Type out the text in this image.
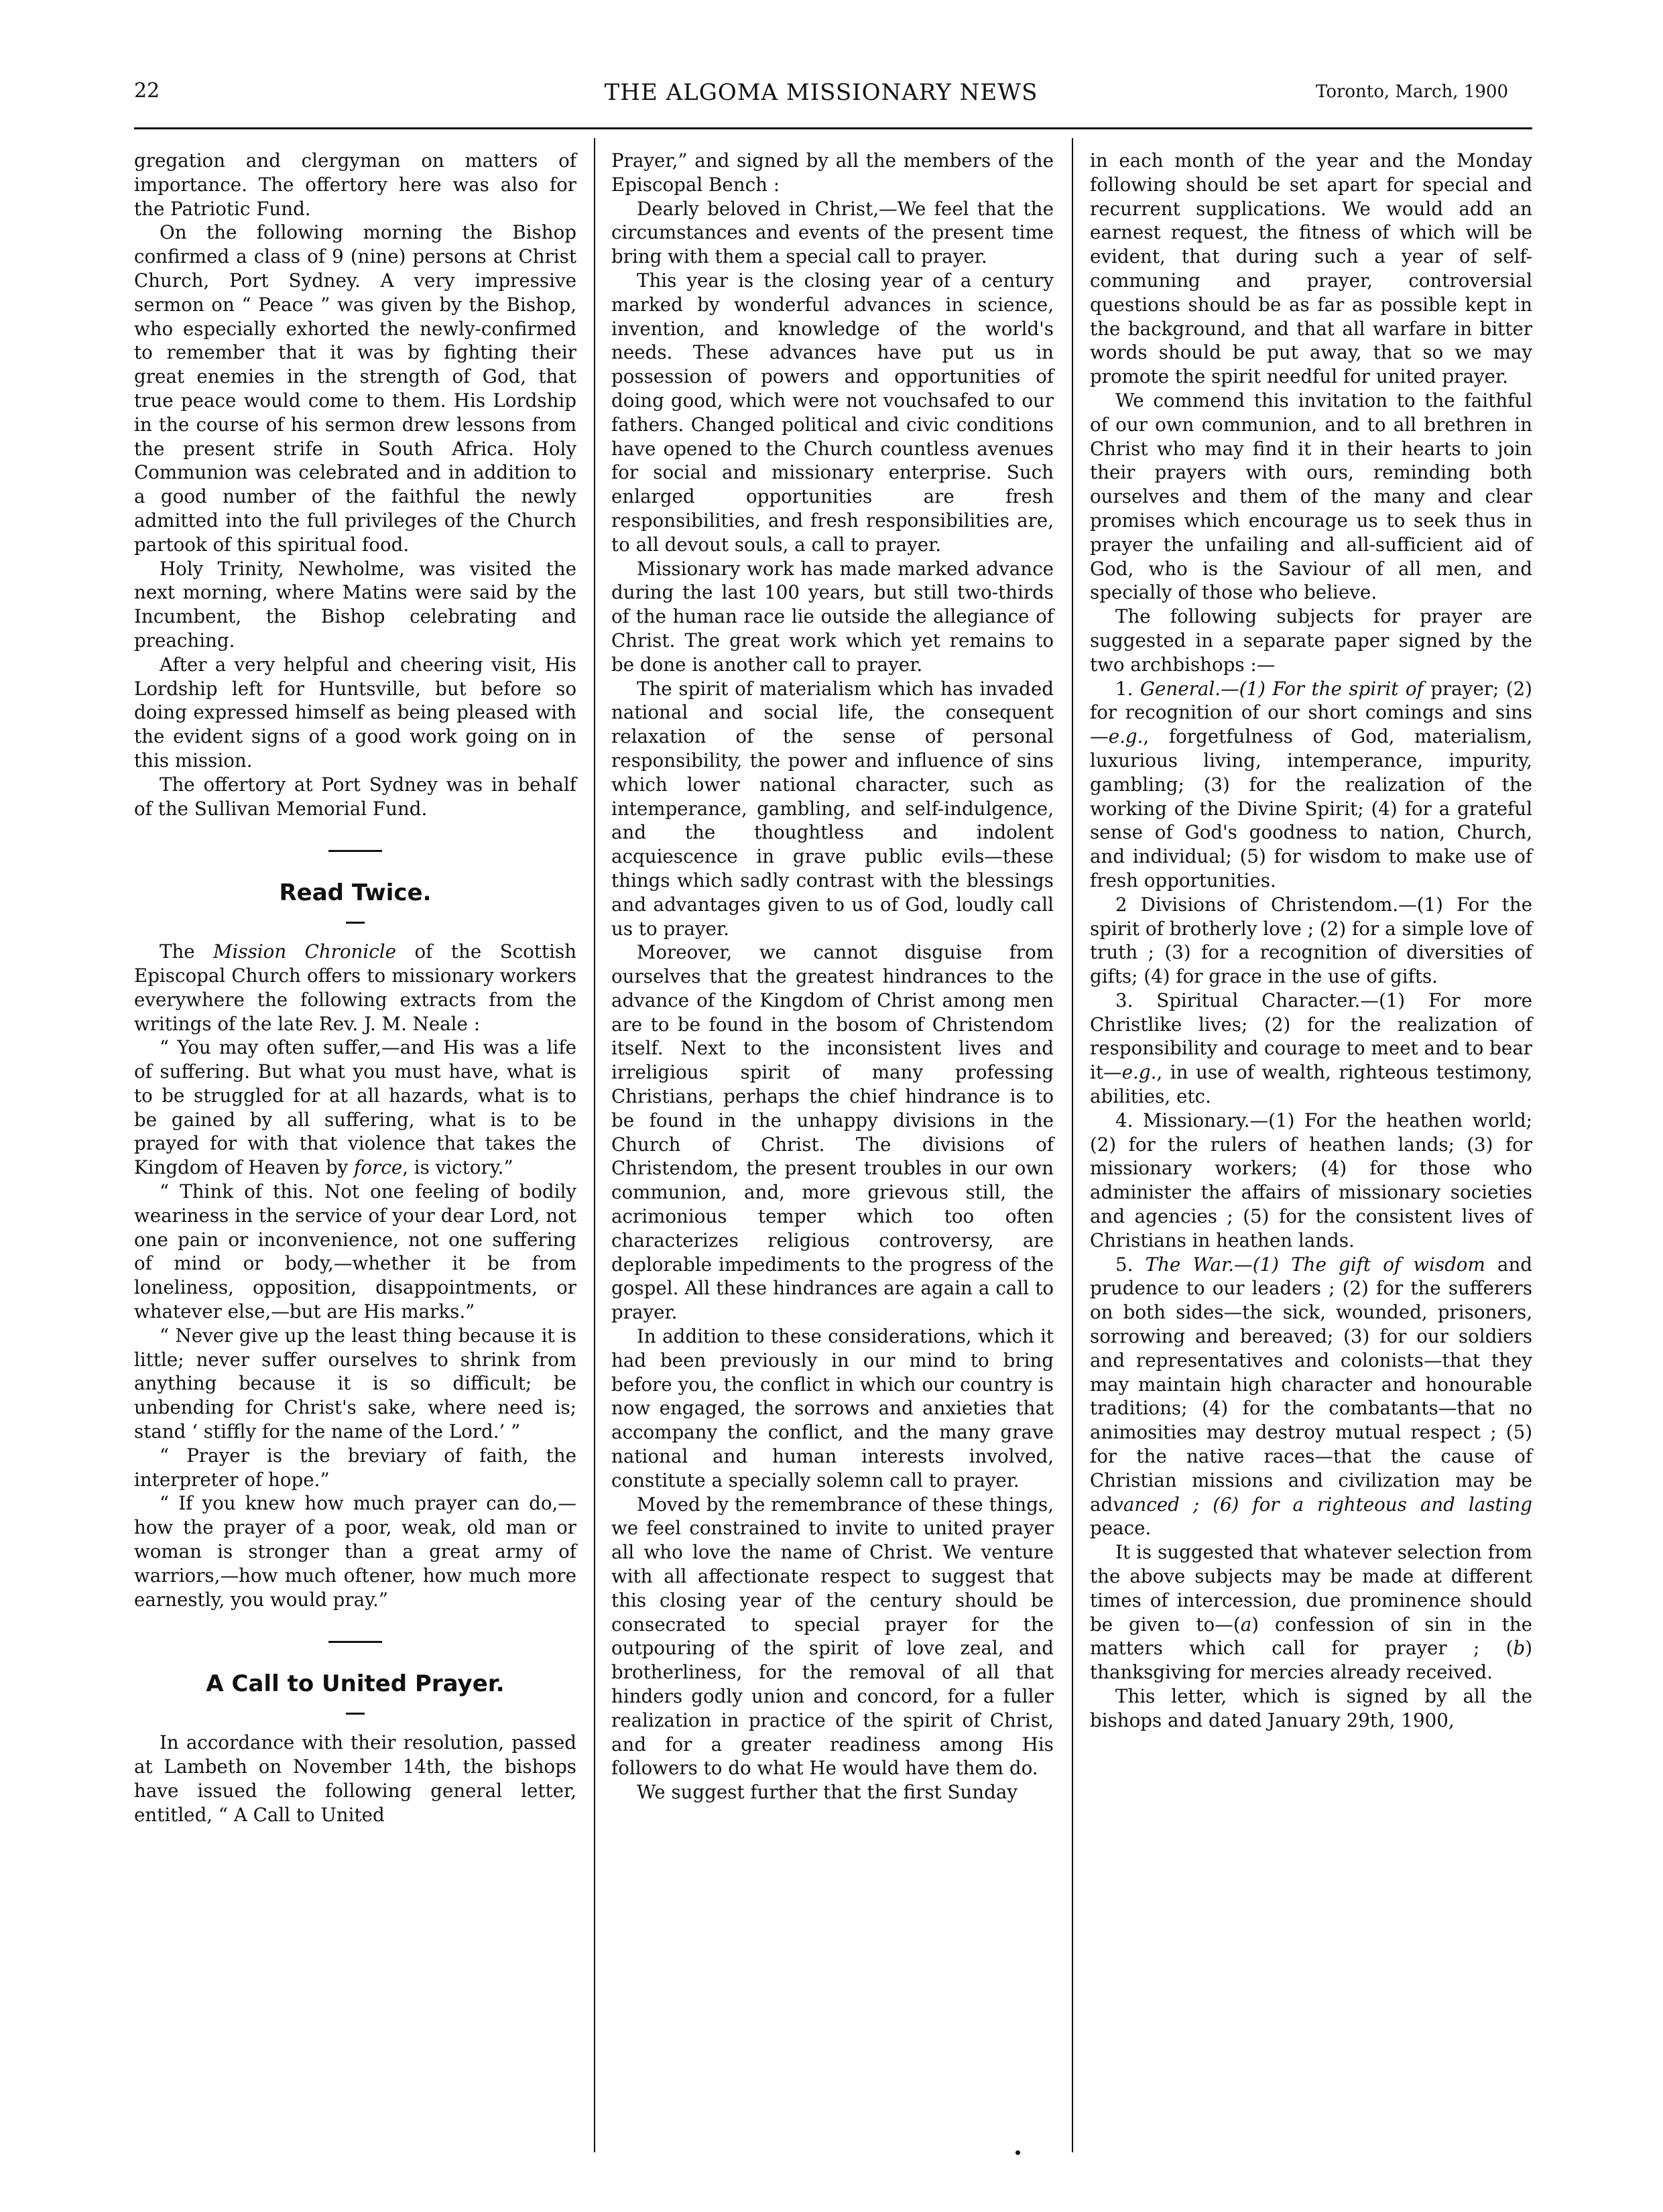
22	THE ALGOMA MISSIONARY NEWS	Toronto, March, 1900

gregation and clergyman on matters of importance. The offertory here was also for the Patriotic Fund.

On the following morning the Bishop confirmed a class of 9 (nine) persons at Christ Church, Port Sydney. A very impressive sermon on “ Peace ” was given by the Bishop, who especially exhorted the newly-confirmed to remember that it was by fighting their great enemies in the strength of God, that true peace would come to them. His Lordship in the course of his sermon drew lessons from the present strife in South Africa. Holy Communion was celebrated and in addition to a good number of the faithful the newly admitted into the full privileges of the Church partook of this spiritual food.

Holy Trinity, Newholme, was visited the next morning, where Matins were said by the Incumbent, the Bishop celebrating and preaching.

After a very helpful and cheering visit, His Lordship left for Huntsville, but before so doing expressed himself as being pleased with the evident signs of a good work going on in this mission.

The offertory at Port Sydney was in behalf of the Sullivan Memorial Fund.

Read Twice.

The Mission Chronicle of the Scottish Episcopal Church offers to missionary workers everywhere the following extracts from the writings of the late Rev. J. M. Neale :

“ You may often suffer,—and His was a life of suffering. But what you must have, what is to be struggled for at all hazards, what is to be gained by all suffering, what is to be prayed for with that violence that takes the Kingdom of Heaven by force, is victory.”

“ Think of this. Not one feeling of bodily weariness in the service of your dear Lord, not one pain or inconvenience, not one suffering of mind or body,—whether it be from loneliness, opposition, disappointments, or whatever else,—but are His marks.”

“ Never give up the least thing because it is little; never suffer ourselves to shrink from anything because it is so difficult; be unbending for Christ's sake, where need is; stand ‘ stiffly for the name of the Lord.’ ”

“ Prayer is the breviary of faith, the interpreter of hope.”

“ If you knew how much prayer can do,—how the prayer of a poor, weak, old man or woman is stronger than a great army of warriors,—how much oftener, how much more earnestly, you would pray.”

A Call to United Prayer.

In accordance with their resolution, passed at Lambeth on November 14th, the bishops have issued the following general letter, entitled, “ A Call to United

Prayer,” and signed by all the members of the Episcopal Bench :

Dearly beloved in Christ,—We feel that the circumstances and events of the present time bring with them a special call to prayer.

This year is the closing year of a century marked by wonderful advances in science, invention, and knowledge of the world's needs. These advances have put us in possession of powers and opportunities of doing good, which were not vouchsafed to our fathers. Changed political and civic conditions have opened to the Church countless avenues for social and missionary enterprise. Such enlarged opportunities are fresh responsibilities, and fresh responsibilities are, to all devout souls, a call to prayer.

Missionary work has made marked advance during the last 100 years, but still two-thirds of the human race lie outside the allegiance of Christ. The great work which yet remains to be done is another call to prayer.

The spirit of materialism which has invaded national and social life, the consequent relaxation of the sense of personal responsibility, the power and influence of sins which lower national character, such as intemperance, gambling, and self-indulgence, and the thoughtless and indolent acquiescence in grave public evils—these things which sadly contrast with the blessings and advantages given to us of God, loudly call us to prayer.

Moreover, we cannot disguise from ourselves that the greatest hindrances to the advance of the Kingdom of Christ among men are to be found in the bosom of Christendom itself. Next to the inconsistent lives and irreligious spirit of many professing Christians, perhaps the chief hindrance is to be found in the unhappy divisions in the Church of Christ. The divisions of Christendom, the present troubles in our own communion, and, more grievous still, the acrimonious temper which too often characterizes religious controversy, are deplorable impediments to the progress of the gospel. All these hindrances are again a call to prayer.

In addition to these considerations, which it had been previously in our mind to bring before you, the conflict in which our country is now engaged, the sorrows and anxieties that accompany the conflict, and the many grave national and human interests involved, constitute a specially solemn call to prayer.

Moved by the remembrance of these things, we feel constrained to invite to united prayer all who love the name of Christ. We venture with all affectionate respect to suggest that this closing year of the century should be consecrated to special prayer for the outpouring of the spirit of love zeal, and brotherliness, for the removal of all that hinders godly union and concord, for a fuller realization in practice of the spirit of Christ, and for a greater readiness among His followers to do what He would have them do.

We suggest further that the first Sunday

in each month of the year and the Monday following should be set apart for special and recurrent supplications. We would add an earnest request, the fitness of which will be evident, that during such a year of self-communing and prayer, controversial questions should be as far as possible kept in the background, and that all warfare in bitter words should be put away, that so we may promote the spirit needful for united prayer.

We commend this invitation to the faithful of our own communion, and to all brethren in Christ who may find it in their hearts to join their prayers with ours, reminding both ourselves and them of the many and clear promises which encourage us to seek thus in prayer the unfailing and all-sufficient aid of God, who is the Saviour of all men, and specially of those who believe.

The following subjects for prayer are suggested in a separate paper signed by the two archbishops :—

1. General.—(1) For the spirit of prayer; (2) for recognition of our short comings and sins—e.g., forgetfulness of God, materialism, luxurious living, intemperance, impurity, gambling; (3) for the realization of the working of the Divine Spirit; (4) for a grateful sense of God's goodness to nation, Church, and individual; (5) for wisdom to make use of fresh opportunities.

2 Divisions of Christendom.—(1) For the spirit of brotherly love ; (2) for a simple love of truth ; (3) for a recognition of diversities of gifts; (4) for grace in the use of gifts.

3. Spiritual Character.—(1) For more Christlike lives; (2) for the realization of responsibility and courage to meet and to bear it—e.g., in use of wealth, righteous testimony, abilities, etc.

4. Missionary.—(1) For the heathen world; (2) for the rulers of heathen lands; (3) for missionary workers; (4) for those who administer the affairs of missionary societies and agencies ; (5) for the consistent lives of Christians in heathen lands.

5. The War.—(1) The gift of wisdom and prudence to our leaders ; (2) for the sufferers on both sides—the sick, wounded, prisoners, sorrowing and bereaved; (3) for our soldiers and representatives and colonists—that they may maintain high character and honourable traditions; (4) for the combatants—that no animosities may destroy mutual respect ; (5) for the native races—that the cause of Christian missions and civilization may be advanced ; (6) for a righteous and lasting peace.

It is suggested that whatever selection from the above subjects may be made at different times of intercession, due prominence should be given to—(a) confession of sin in the matters which call for prayer ; (b) thanksgiving for mercies already received.

This letter, which is signed by all the bishops and dated January 29th, 1900,
